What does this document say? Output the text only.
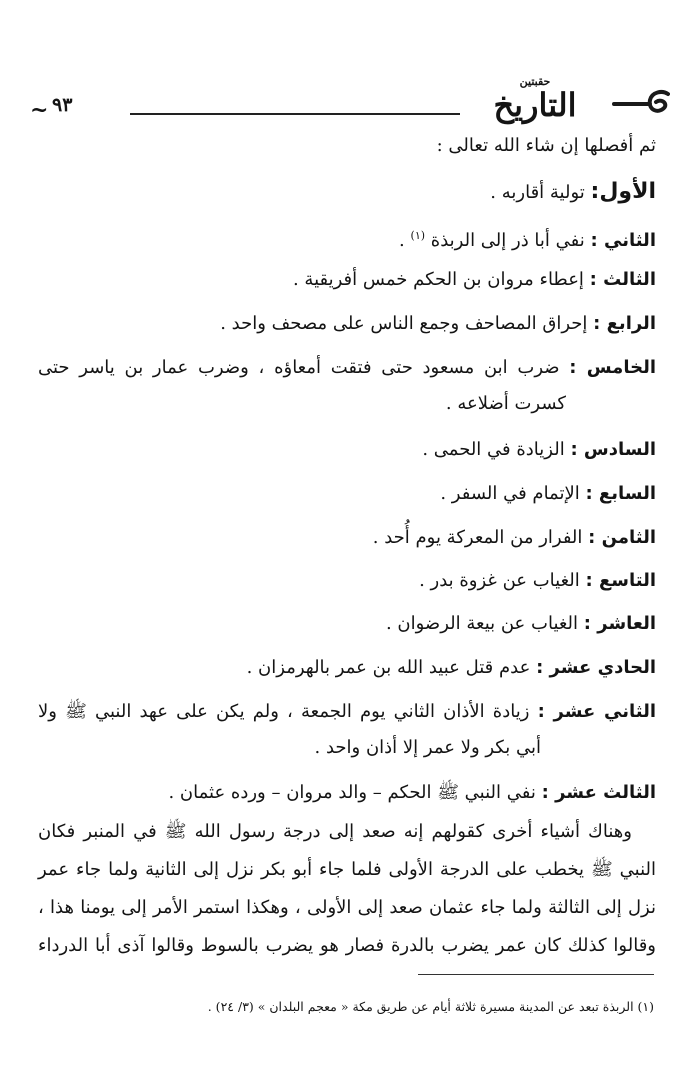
~ ٩٣
حقبتين
التاريخ
ثم أفصلها إن شاء الله تعالى :
الأول: تولية أقاربه .
الثاني : نفي أبا ذر إلى الربذة $^{(١)}$ .
الثالث : إعطاء مروان بن الحكم خمس أفريقية .
الرابع : إحراق المصاحف وجمع الناس على مصحف واحد .
الخامس : ضرب ابن مسعود حتى فتقت أمعاؤه ، وضرب عمار بن ياسر حتى
كسرت أضلاعه .
السادس : الزيادة في الحمى .
السابع : الإتمام في السفر .
الثامن : الفرار من المعركة يوم أُحد .
التاسع : الغياب عن غزوة بدر .
العاشر : الغياب عن بيعة الرضوان .
الحادي عشر : عدم قتل عبيد الله بن عمر بالهرمزان .
الثاني عشر : زيادة الأذان الثاني يوم الجمعة ، ولم يكن على عهد النبي ﷺ ولا
أبي بكر ولا عمر إلا أذان واحد .
الثالث عشر : نفي النبي ﷺ الحكم – والد مروان – ورده عثمان .
وهناك أشياء أخرى كقولهم إنه صعد إلى درجة رسول الله ﷺ في المنبر فكان
النبي ﷺ يخطب على الدرجة الأولى فلما جاء أبو بكر نزل إلى الثانية ولما جاء عمر
نزل إلى الثالثة ولما جاء عثمان صعد إلى الأولى ، وهكذا استمر الأمر إلى يومنا هذا ،
وقالوا كذلك كان عمر يضرب بالدرة فصار هو يضرب بالسوط وقالوا آذى أبا الدرداء
(١) الربذة تبعد عن المدينة مسيرة ثلاثة أيام عن طريق مكة « معجم البلدان » (٣/ ٢٤) .
